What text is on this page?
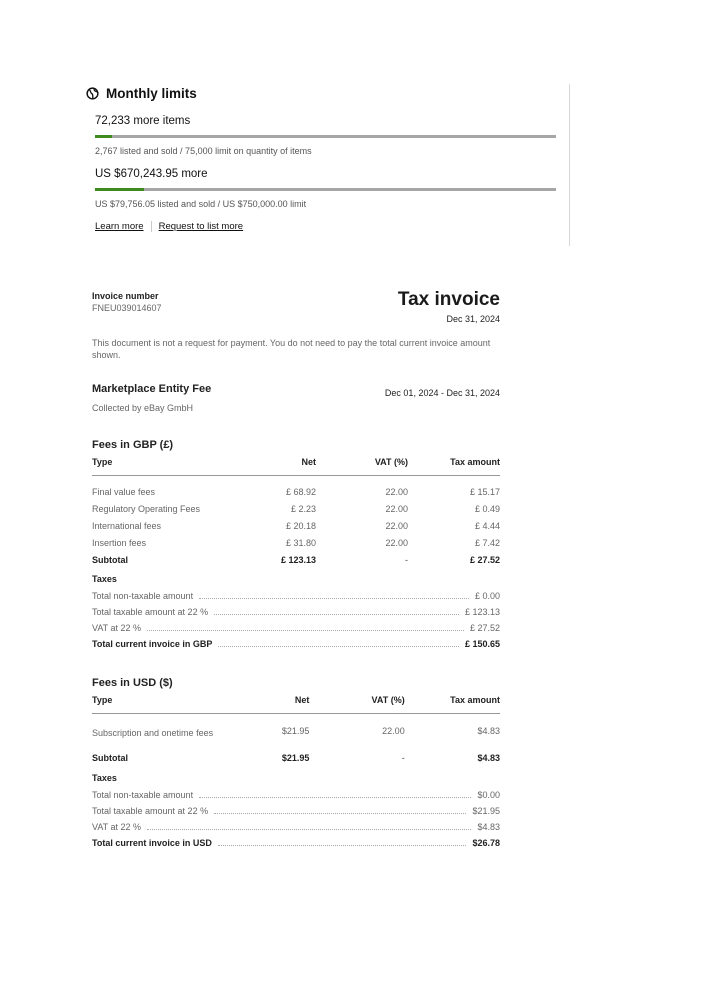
Monthly limits
72,233 more items
2,767 listed and sold / 75,000 limit on quantity of items
US $670,243.95 more
US $79,756.05 listed and sold / US $750,000.00 limit
Learn more Request to list more
Invoice number
FNEU039014607	Tax invoice
Dec 31, 2024
This document is not a request for payment. You do not need to pay the total current invoice amount shown.
Marketplace Entity Fee
Collected by eBay GmbH
Dec 01, 2024 - Dec 31, 2024
Fees in GBP (£)
Type	Net	VAT (%)	Tax amount
Final value fees	£ 68.92	22.00	£ 15.17
Regulatory Operating Fees	£ 2.23	22.00	£ 0.49
International fees	£ 20.18	22.00	£ 4.44
Insertion fees	£ 31.80	22.00	£ 7.42
Subtotal	£ 123.13	-	£ 27.52
Taxes
Total non-taxable amount	£ 0.00
Total taxable amount at 22 %	£ 123.13
VAT at 22 %	£ 27.52
Total current invoice in GBP	£ 150.65
Fees in USD ($)
Type	Net	VAT (%)	Tax amount
Subscription and onetime fees	$21.95	22.00	$4.83
Subtotal	$21.95	-	$4.83
Taxes
Total non-taxable amount	$0.00
Total taxable amount at 22 %	$21.95
VAT at 22 %	$4.83
Total current invoice in USD	$26.78
